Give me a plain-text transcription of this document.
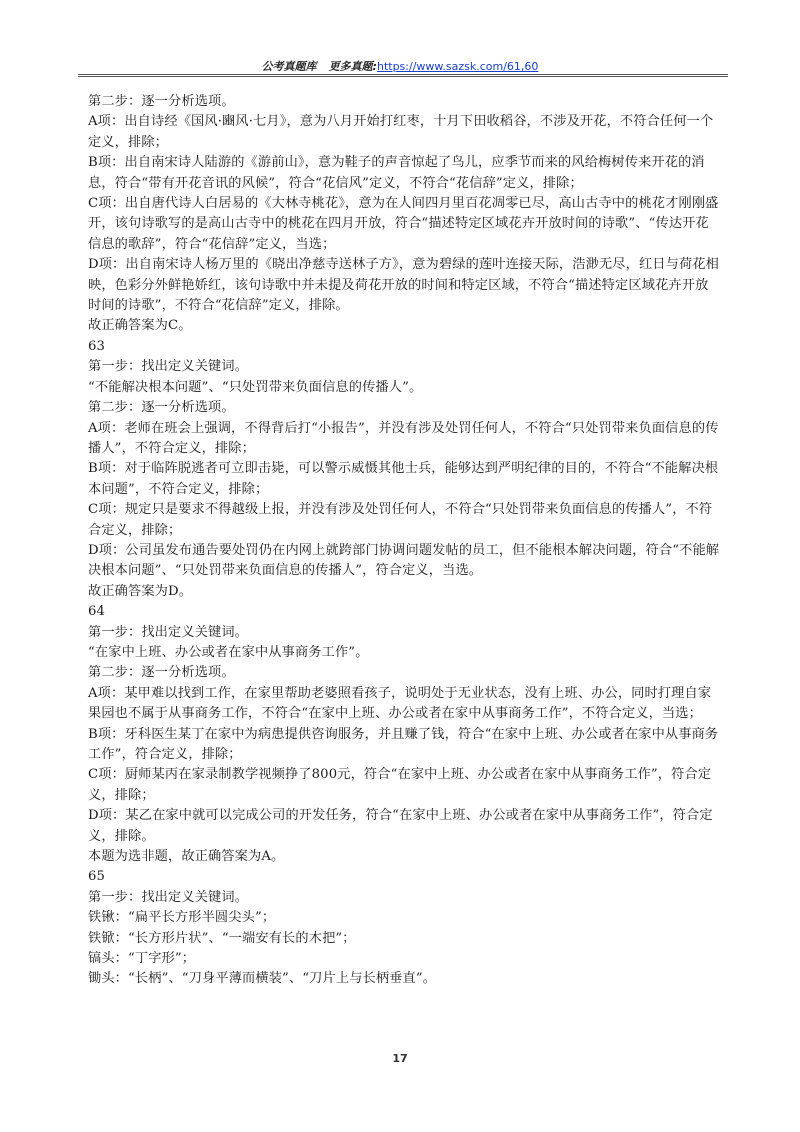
公考真题库 更多真题:https://www.sazsk.com/61,60

第二步：逐一分析选项。

A项：出自诗经《国风·豳风·七月》，意为八月开始打红枣，十月下田收稻谷，不涉及开花，不符合任何一个定义，排除；

B项：出自南宋诗人陆游的《游前山》，意为鞋子的声音惊起了鸟儿，应季节而来的风给梅树传来开花的消息，符合“带有开花音讯的风候”，符合“花信风”定义，不符合“花信辞”定义，排除；

C项：出自唐代诗人白居易的《大林寺桃花》，意为在人间四月里百花凋零已尽，高山古寺中的桃花才刚刚盛开，该句诗歌写的是高山古寺中的桃花在四月开放，符合“描述特定区域花卉开放时间的诗歌”、“传达开花信息的歌辞”，符合“花信辞”定义，当选；

D项：出自南宋诗人杨万里的《晓出净慈寺送林子方》，意为碧绿的莲叶连接天际，浩渺无尽，红日与荷花相映，色彩分外鲜艳娇红，该句诗歌中并未提及荷花开放的时间和特定区域，不符合“描述特定区域花卉开放时间的诗歌”，不符合“花信辞”定义，排除。

故正确答案为C。

63

第一步：找出定义关键词。

“不能解决根本问题”、“只处罚带来负面信息的传播人”。

第二步：逐一分析选项。

A项：老师在班会上强调，不得背后打“小报告”，并没有涉及处罚任何人，不符合“只处罚带来负面信息的传播人”，不符合定义，排除；

B项：对于临阵脱逃者可立即击毙，可以警示威慑其他士兵，能够达到严明纪律的目的，不符合“不能解决根本问题”，不符合定义，排除；

C项：规定只是要求不得越级上报，并没有涉及处罚任何人，不符合“只处罚带来负面信息的传播人”，不符合定义，排除；

D项：公司虽发布通告要处罚仍在内网上就跨部门协调问题发帖的员工，但不能根本解决问题，符合“不能解决根本问题”、“只处罚带来负面信息的传播人”，符合定义，当选。

故正确答案为D。

64

第一步：找出定义关键词。

“在家中上班、办公或者在家中从事商务工作”。

第二步：逐一分析选项。

A项：某甲难以找到工作，在家里帮助老婆照看孩子，说明处于无业状态，没有上班、办公，同时打理自家果园也不属于从事商务工作，不符合“在家中上班、办公或者在家中从事商务工作”，不符合定义，当选；

B项：牙科医生某丁在家中为病患提供咨询服务，并且赚了钱，符合“在家中上班、办公或者在家中从事商务工作”，符合定义，排除；

C项：厨师某丙在家录制教学视频挣了800元，符合“在家中上班、办公或者在家中从事商务工作”，符合定义，排除；

D项：某乙在家中就可以完成公司的开发任务，符合“在家中上班、办公或者在家中从事商务工作”，符合定义，排除。

本题为选非题，故正确答案为A。

65

第一步：找出定义关键词。

铁锹：“扁平长方形半圆尖头”；

铁锨：“长方形片状”、“一端安有长的木把”；

镐头：“丁字形”；

锄头：“长柄”、“刀身平薄而横装”、“刀片上与长柄垂直”。

17
